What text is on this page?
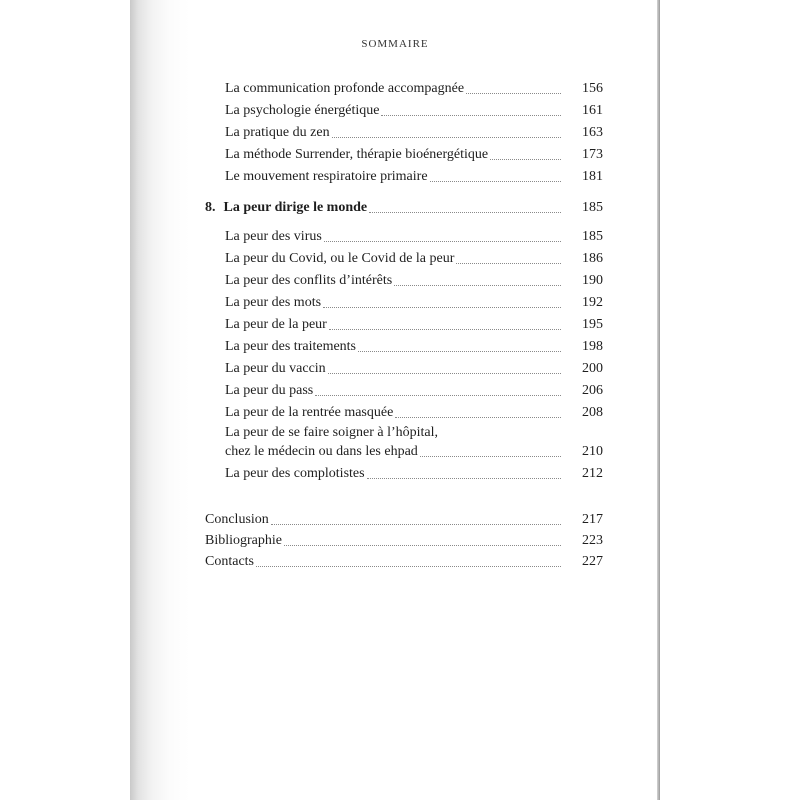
SOMMAIRE
La communication profonde accompagnée	156
La psychologie énergétique	161
La pratique du zen	163
La méthode Surrender, thérapie bioénergétique	173
Le mouvement respiratoire primaire	181
8. La peur dirige le monde	185
La peur des virus	185
La peur du Covid, ou le Covid de la peur	186
La peur des conflits d’intérêts	190
La peur des mots	192
La peur de la peur	195
La peur des traitements	198
La peur du vaccin	200
La peur du pass	206
La peur de la rentrée masquée	208
La peur de se faire soigner à l’hôpital,
chez le médecin ou dans les ehpad	210
La peur des complotistes	212
Conclusion	217
Bibliographie	223
Contacts	227
